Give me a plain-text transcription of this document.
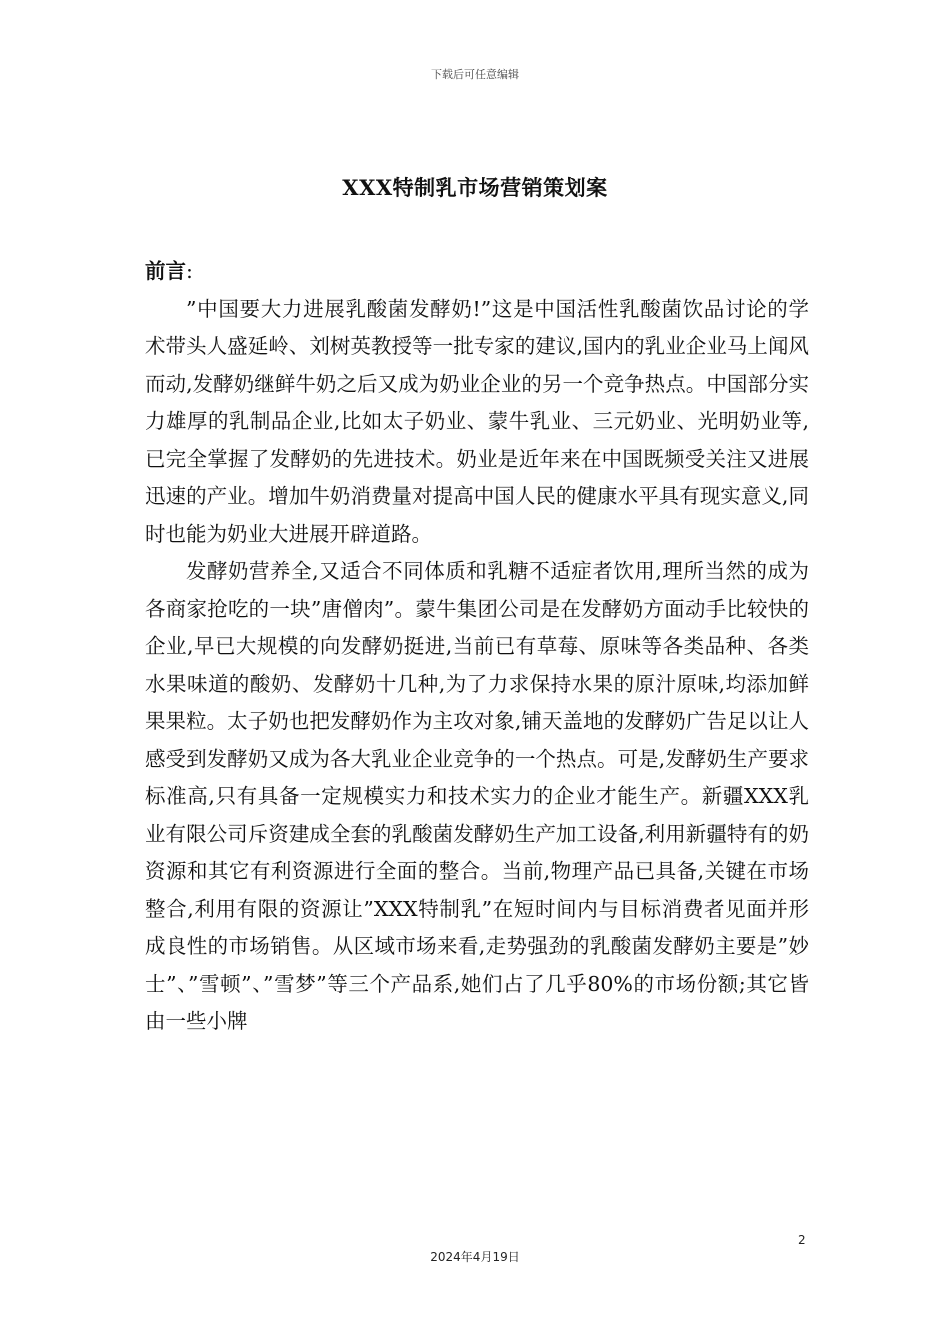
下载后可任意编辑
XXX特制乳市场营销策划案

前言:

”中国要大力进展乳酸菌发酵奶!”这是中国活性乳酸菌饮品讨论的学术带头人盛延岭、刘树英教授等一批专家的建议,国内的乳业企业马上闻风而动,发酵奶继鲜牛奶之后又成为奶业企业的另一个竞争热点。中国部分实力雄厚的乳制品企业,比如太子奶业、蒙牛乳业、三元奶业、光明奶业等,已完全掌握了发酵奶的先进技术。奶业是近年来在中国既频受关注又进展迅速的产业。增加牛奶消费量对提高中国人民的健康水平具有现实意义,同时也能为奶业大进展开辟道路。

发酵奶营养全,又适合不同体质和乳糖不适症者饮用,理所当然的成为各商家抢吃的一块”唐僧肉”。蒙牛集团公司是在发酵奶方面动手比较快的企业,早已大规模的向发酵奶挺进,当前已有草莓、原味等各类品种、各类水果味道的酸奶、发酵奶十几种,为了力求保持水果的原汁原味,均添加鲜果果粒。太子奶也把发酵奶作为主攻对象,铺天盖地的发酵奶广告足以让人感受到发酵奶又成为各大乳业企业竞争的一个热点。可是,发酵奶生产要求标准高,只有具备一定规模实力和技术实力的企业才能生产。新疆XXX乳业有限公司斥资建成全套的乳酸菌发酵奶生产加工设备,利用新疆特有的奶资源和其它有利资源进行全面的整合。当前,物理产品已具备,关键在市场整合,利用有限的资源让”XXX特制乳”在短时间内与目标消费者见面并形成良性的市场销售。从区域市场来看,走势强劲的乳酸菌发酵奶主要是”妙士”、”雪顿”、”雪梦”等三个产品系,她们占了几乎80%的市场份额;其它皆由一些小牌

2
2024年4月19日
